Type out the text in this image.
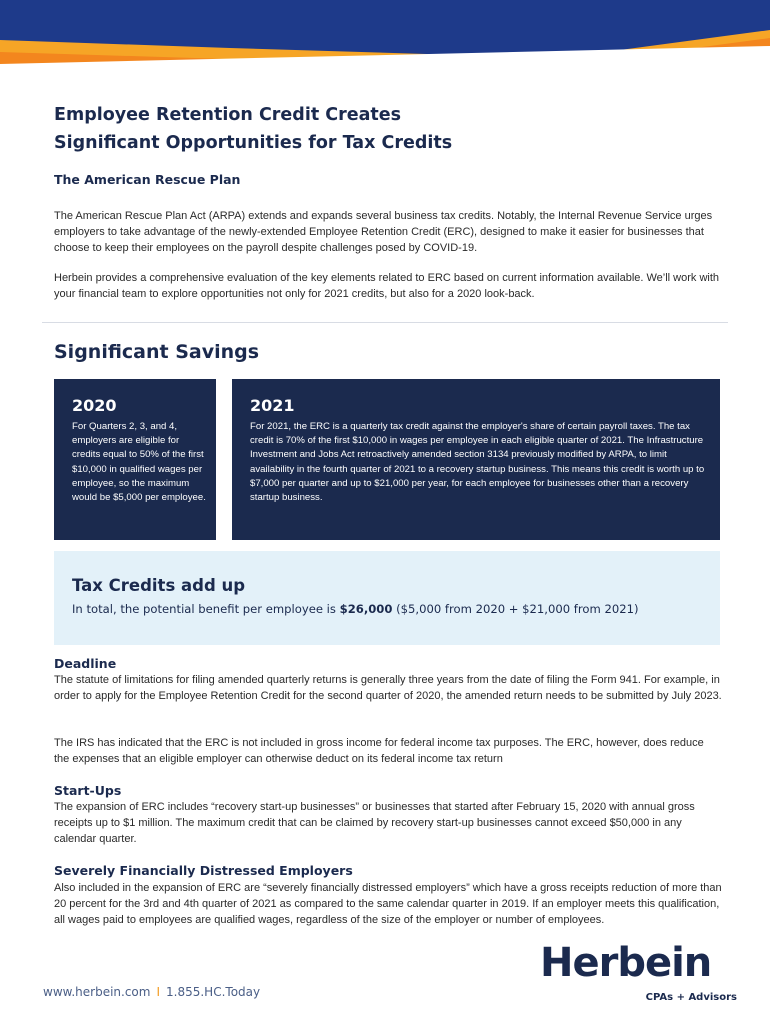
Employee Retention Credit Creates
Significant Opportunities for Tax Credits
The American Rescue Plan

The American Rescue Plan Act (ARPA) extends and expands several business tax credits. Notably, the Internal Revenue Service urges employers to take advantage of the newly-extended Employee Retention Credit (ERC), designed to make it easier for businesses that choose to keep their employees on the payroll despite challenges posed by COVID-19.

Herbein provides a comprehensive evaluation of the key elements related to ERC based on current information available. We’ll work with your financial team to explore opportunities not only for 2021 credits, but also for a 2020 look-back.

Significant Savings
2020

For Quarters 2, 3, and 4, employers are eligible for credits equal to 50% of the first $10,000 in qualified wages per employee, so the maximum would be $5,000 per employee.

2021

For 2021, the ERC is a quarterly tax credit against the employer's share of certain payroll taxes. The tax credit is 70% of the first $10,000 in wages per employee in each eligible quarter of 2021. The Infrastructure Investment and Jobs Act retroactively amended section 3134 previously modified by ARPA, to limit availability in the fourth quarter of 2021 to a recovery startup business. This means this credit is worth up to $7,000 per quarter and up to $21,000 per year, for each employee for businesses other than a recovery startup business.

Tax Credits add up

In total, the potential benefit per employee is $26,000 ($5,000 from 2020 + $21,000 from 2021)

Deadline

The statute of limitations for filing amended quarterly returns is generally three years from the date of filing the Form 941. For example, in order to apply for the Employee Retention Credit for the second quarter of 2020, the amended return needs to be submitted by July 2023.

The IRS has indicated that the ERC is not included in gross income for federal income tax purposes. The ERC, however, does reduce the expenses that an eligible employer can otherwise deduct on its federal income tax return

Start-Ups

The expansion of ERC includes “recovery start-up businesses” or businesses that started after February 15, 2020 with annual gross receipts up to $1 million. The maximum credit that can be claimed by recovery start-up businesses cannot exceed $50,000 in any calendar quarter.

Severely Financially Distressed Employers

Also included in the expansion of ERC are “severely financially distressed employers” which have a gross receipts reduction of more than 20 percent for the 3rd and 4th quarter of 2021 as compared to the same calendar quarter in 2019. If an employer meets this qualification, all wages paid to employees are qualified wages, regardless of the size of the employer or number of employees.

www.herbein.com I 1.855.HC.Today

Herbein

CPAs + Advisors
